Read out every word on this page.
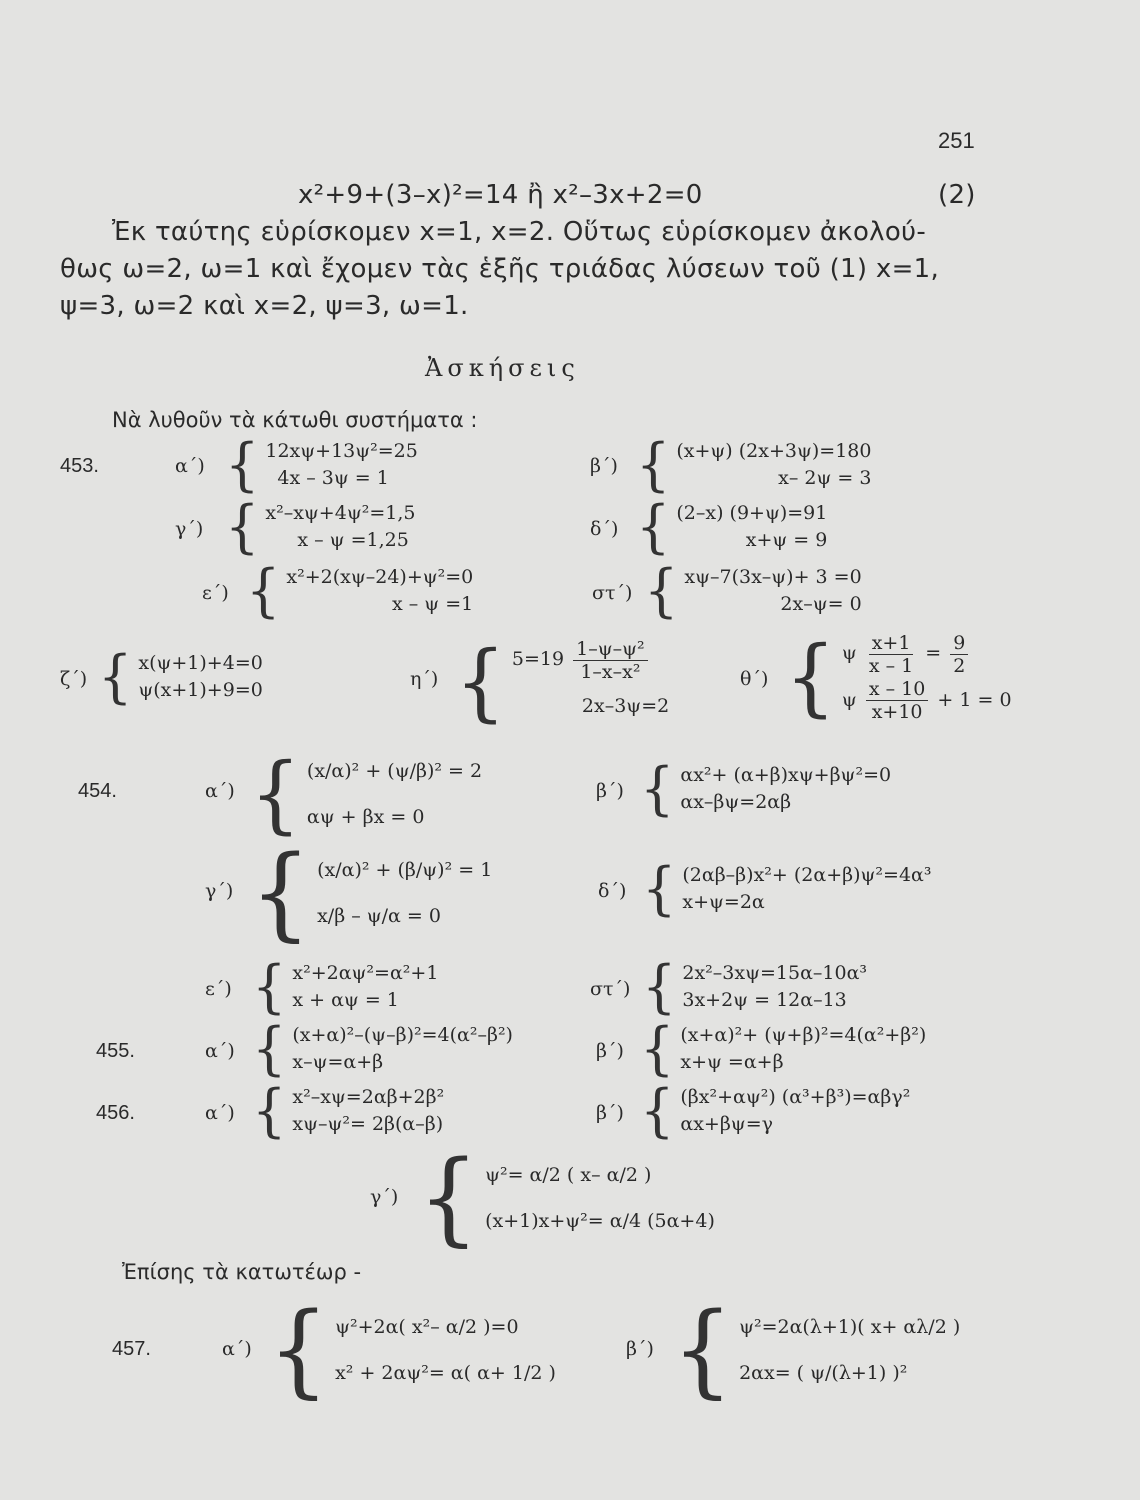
251
x²+9+(3–x)²=14 ἢ x²–3x+2=0	(2)
Ἐκ ταύτης εὑρίσκομεν x=1, x=2. Οὕτως εὑρίσκομεν ἀκολού-
θως ω=2, ω=1 καὶ ἔχομεν τὰς ἑξῆς τριάδας λύσεων τοῦ (1) x=1,
ψ=3, ω=2 καὶ x=2, ψ=3, ω=1.
Ἀσκήσεις
Νὰ λυθοῦν τὰ κάτωθι συστήματα :
453.	α΄) { 12xψ+13ψ²=25
4x – 3ψ = 1
β΄) { (x+ψ) (2x+3ψ)=180
x– 2ψ = 3
γ΄) { x²–xψ+4ψ²=1,5
x – ψ =1,25	δ΄) { (2–x) (9+ψ)=91
x+ψ = 9
ε΄) { x²+2(xψ–24)+ψ²=0
x – ψ =1	στ΄) { xψ–7(3x–ψ)+ 3 =0
2x–ψ= 0
ζ΄) { x(ψ+1)+4=0
ψ(x+1)+9=0	η΄) { $5=19 \frac{\text{1–ψ–ψ²}}{\text{1–x–x²}}$
2x–3ψ=2
θ΄) { ψ $\frac{x+1}{x - 1} = \frac{9}{2}$
ψ $\frac{x - 10}{x+10} + 1 = 0$
454.	α΄) { (x/α)² + (ψ/β)² = 2
αψ + βx = 0
β΄) { αx²+ (α+β)xψ+βψ²=0
αx–βψ=2αβ
γ΄) { (x/α)² + (β/ψ)² = 1
x/β – ψ/α = 0
δ΄) { (2αβ–β)x²+ (2α+β)ψ²=4α³
x+ψ=2α
ε΄) { x²+2αψ²=α²+1
x + αψ = 1	στ΄) { 2x²–3xψ=15α–10α³
3x+2ψ = 12α–13
455.	α΄) { (x+α)²–(ψ–β)²=4(α²–β²)
x–ψ=α+β	β΄) { (x+α)²+ (ψ+β)²=4(α²+β²)
x+ψ =α+β
456.	α΄) { x²–xψ=2αβ+2β²
xψ–ψ²= 2β(α–β)	β΄) { (βx²+αψ²) (α³+β³)=αβγ²
αx+βψ=γ
γ΄) { ψ²= α/2 ( x– α/2 )
(x+1)x+ψ²= α/4 (5α+4)
Ἐπίσης τὰ κατωτέωρ -
457.	α΄) { ψ²+2α( x²– α/2 )=0
x² + 2αψ²= α( α+ 1/2 )
β΄) { ψ²=2α(λ+1)( x+ αλ/2 )
2αx= ( ψ/(λ+1) )²
